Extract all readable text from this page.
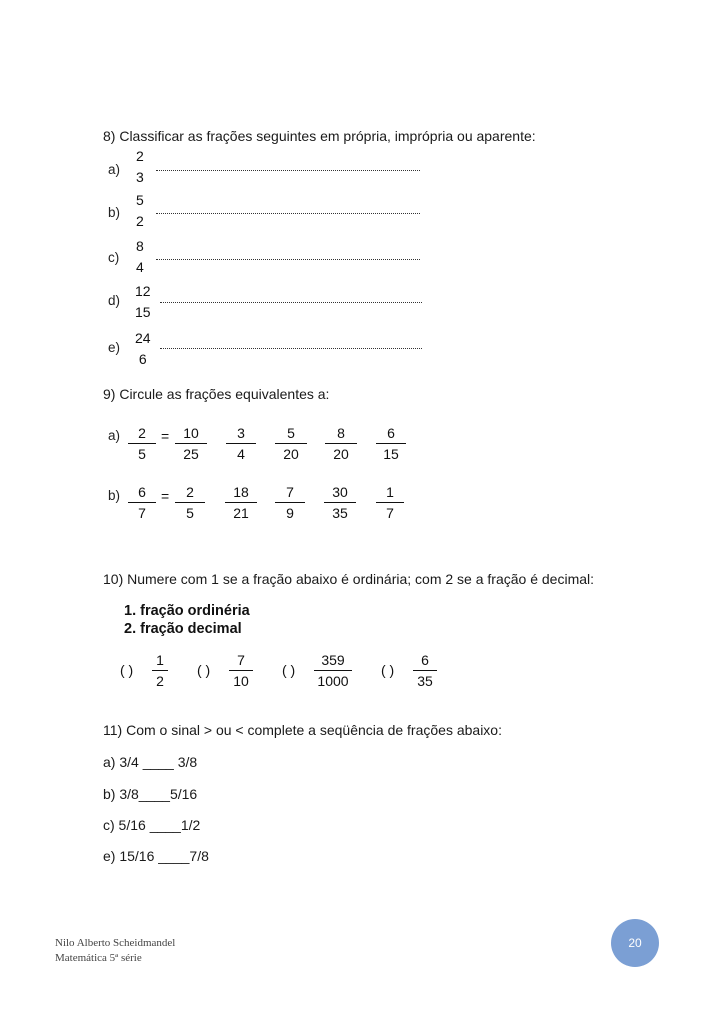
8) Classificar as frações seguintes em própria, imprópria ou aparente:
a)
2
3
b)
5
2
c)
8
4
d)
12
15
e)
24
6
9) Circule as frações equivalentes a:
a) 2
5
= 10
25
3
4
5
20
8
20
6
15
b) 6
7
= 2
5
18
21
7
9
30
35
1
7
10) Numere com 1 se a fração abaixo é ordinária; com 2 se a fração é decimal:
1. fração ordinéria
2. fração decimal
( )
1
2
( )
7
10
( )
359
1000
( )
6
35
11) Com o sinal > ou < complete a seqüência de frações abaixo:
a) 3/4 ____ 3/8
b) 3/8____5/16
c) 5/16 ____1/2
e) 15/16 ____7/8
Nilo Alberto Scheidmandel
Matemática 5ª série
20
